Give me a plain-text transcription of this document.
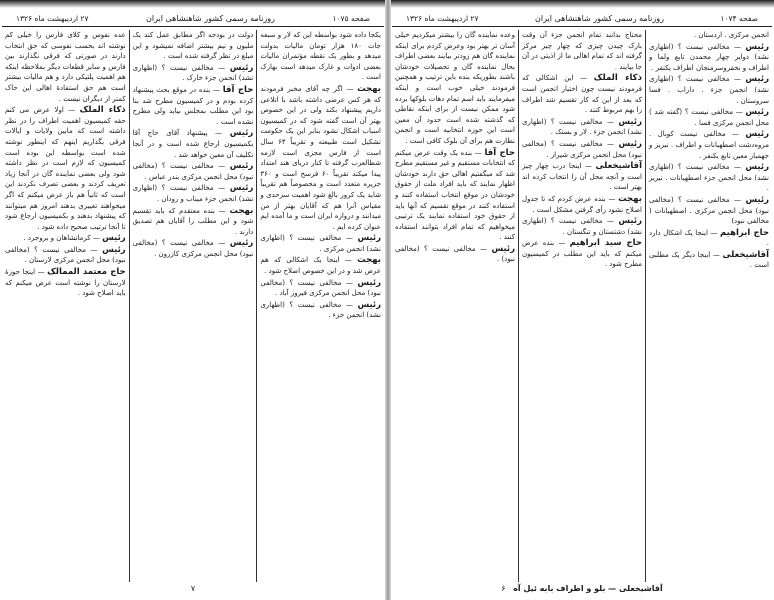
صفحه ۱۰۷۵
روزنامه رسمی کشور شاهنشاهی ایران
۲۷ اردیبهشت ماه ۱۳۲۶

یکجا داده شود بواسطه این که لار و سبعه جات ۱۸۰ هزار تومان مالیات بدولت میدهد و بطور یک نقطه مؤتمران مالیات بعضی ادوات و غارک میدهد است بهارک است .

بهجت — اگر چه آقای مخبر فرمودند که هر کس عرضی داشته باشد با اتلاعی داریم پیشنهاد بکند ولی در این خصوص بهتر آن است گفته شود که در کمیسیون اسباب اشکال نشود بنابر این یک حکومت تشکیل است طبیعته و تقریباً ۶۴ سال است از فارس مجزی است لازمه شطالعرب گرفته تا کنار دریای هند امتداد پیدا میکند تقریباً ۶۰ فرسخ است و ۳۶۰ جزیره متعدد است و مخصوصاً هم تقریباً شاید یک کرور بالغ شود اهمیت سرحدی و مقیاس آنرا هم که آقایان بهتر از من میدانند و دروازه ایران است و ما آمده ایم عنوان کرده ایم .

رئیس — مخالفی نیست ؟ (اظهاری نشد) انجمن مرکزی .

بهجت — اینجا یک اشکالی که هم عرض شد و در این خصوص اصلاح شود .

رئیس — مخالفی نیست ؟ (مخالفی نبود) محل انجمن مرکزی فیروز آباد .

رئیس — مخالفی نیست ؟ (اظهاری نشد) انجمن جزء .

دولت در بودجه اگر مطابق عمل کند یک ملیون و نیم بیشتر اضافه نمیشود و این مبلغ در نظر گرفته شده است .

رئیس — مخالفی نیست ؟ (اظهاری نشد) انجمن جزء خارک .

حاج آقا — بنده در موقع بحث پیشنهاد کرده بودم و در کمیسیون مطرح شد بنا بود این مطلب بمجلس بیاید ولی مطرح نشده است .

رئیس — پیشنهاد آقای حاج آقا بکمیسیون ارجاع شده است و در آنجا تکلیف آن معین خواهد شد .

رئیس — مخالفی نیست ؟ (مخالفی نبود) محل انجمن مرکزی بندر عباس .

رئیس — مخالفی نیست ؟ (اظهاری نشد) انجمن جزء میناب و رودان .

بهجت — بنده معتقدم که باید تقسیم شود و این مطلب را آقایان هم تصدیق دارند .

رئیس — مخالفی نیست ؟ (مخالفی نبود) محل انجمن مرکزی کازرون .

عده نفوس و کلای فارس را خیلی کم نوشته اند بحسب نفوسی که حق انتخاب دارند در صورتی که فرقی نگذارند بین فارس و سایر قطعات دیگر بملاحظه اینکه هم اهمیت پلتیکی دارد و هم مالیات بیشتر است هم حق استفادهٔ اهالی این خاک کمتر از دیگران نیست .

ذکاء الملک — اولا عرض می کنم حقه کمیسیون اهمیت اطراف را در نظر داشته است که مابین ولایات و ایالات فرقی بگذاریم اینهم که اینطور نوشته شده است بواسطه این بوده است کمیسیون که لازم است در نظر داشته شود ولی بعضی نماینده گان در آنجا زیاد تعریف کردند و بعضی تصرف نکردند این است که ثانیاً هم باز عرض میکنم که اگر میخواهند تغییری بدهند امروز هم میتوانند که پیشنهاد بدهند و بکمیسیون ارجاع شود تا آنجا ترتیب صحیح داده شود .

رئیس — کرمانشاهان و بروجرد .

رئیس — مخالفی نیست ؟ (مخالفی نبود) محل انجمن مرکزی لارستان .

حاج معتمد الممالک — اینجا حوزهٔ لارستان را نوشته است عرض میکنم که باید اصلاح شود .

۷
صفحه ۱۰۷۴
روزنامه رسمی کشور شاهنشاهی ایران
۲۷ اردیبهشت ماه ۱۳۲۶

انجمن مرکزی . اردستان .

رئیس — مخالفی نیست ؟ (اظهاری نشد) دوایر چهار محمدن تابع ولما و اطراف و نخفروسرمنجان اطراف یکنفر .

رئیس — مخالفی نیست ؟ (اظهاری نشد) انجمن جزء . داراب . فسا سروستان .

رئیس — مخالفی نیست ؟ (گفته شد ) محل انجمن مرکزی فسا .

رئیس — مخالفی نیست کوبال . مروه‌دشت اصطهبانات و اطراف . نیریز و جهمبار معین تابع یکنفر .

رئیس — مخالفی نیست ؟ (اظهاری نشد) محل انجمن جزء اصطهبانات . نیریز .

رئیس — مخالفی نیست ؟ (مخالفی نبود) محل انجمن مرکزی . اصطهبانات ( مخالفی نبود)

حاج ابراهیم — اینجا یک اشکال دارد .

آقاشیخعلی — اینجا دیگر یک مطلبی است .

محتاج بدانند تمام انجمن جزء آن وقت بارک چیدن چیزی که چهار چیز مرکز گرفته اند که تمام اهالی ما از اذیتی در آن جا بیایند .

ذکاء الملک — این اشکالی که فرمودند نیست چون اختیار انجمن است که بعد از این که کار تقسیم شد اطراف را بهم مربوط کنند .

رئیس — مخالفی نیست ؟ (اظهاری نشد) انجمن جزء . لار و بستک .

رئیس — مخالفی نیست ؟ (مخالفی نبود) محل انجمن مرکزی شیراز .

آقاشیخعلی — اینجا درب چهار چیز است و آنچه محل آن را انتخاب کرده اند بهتر است .

بهجت — بنده عرض کردم که تا جدول اصلاح نشود رأی گرفتن مشکل است .

رئیس — مخالفی نیست ؟ (اظهاری نشد) دشتستان و تنگستان .

حاج سید ابراهیم — بنده عرض میکنم که باید این مطلب در کمیسیون مطرح شود .

وعده نماینده گان را بیشتر میکردیم خیلی آسان تر بهتر بود وعرض کردم برای اینکه نماینده گان هم زودتر بیایند بعضی اطراف بحال نماینده گان و تحصیلات خودشان باشند بطوریکه بنده باین ترتیب و همچنین فرمودند خیلی خوب است و اینکه میفرمایند باید اسم تمام دهات بلوکها برده شود ممکن نیست از برای اینکه نقاطی که گذشته شده است حدود آن معین است این حوزه انتخابیه است و انجمن نظارت هم برای آن بلوک کافی است .

حاج آقا — بنده یک وقت عرض میکنم که انتخابات مستقیم و غیر مستقیم مطرح شد که میگفتیم اهالی حق دارند خودشان اظهار نمایند که باید افراد ملت از حقوق خودشان در موقع انتخاب استفاده کنند و استفاده کنند در موقع تقسیم که آنها باید از حقوق خود استفاده نمایند یک ترتیبی میخواهیم که تمام افراد بتوانند استفاده کنند .

رئیس — مخالفی نیست ؟ (مخالفی نبود) .

آقاشیخعلی — بلو و اطراف بابه ئیل آه   ۶
